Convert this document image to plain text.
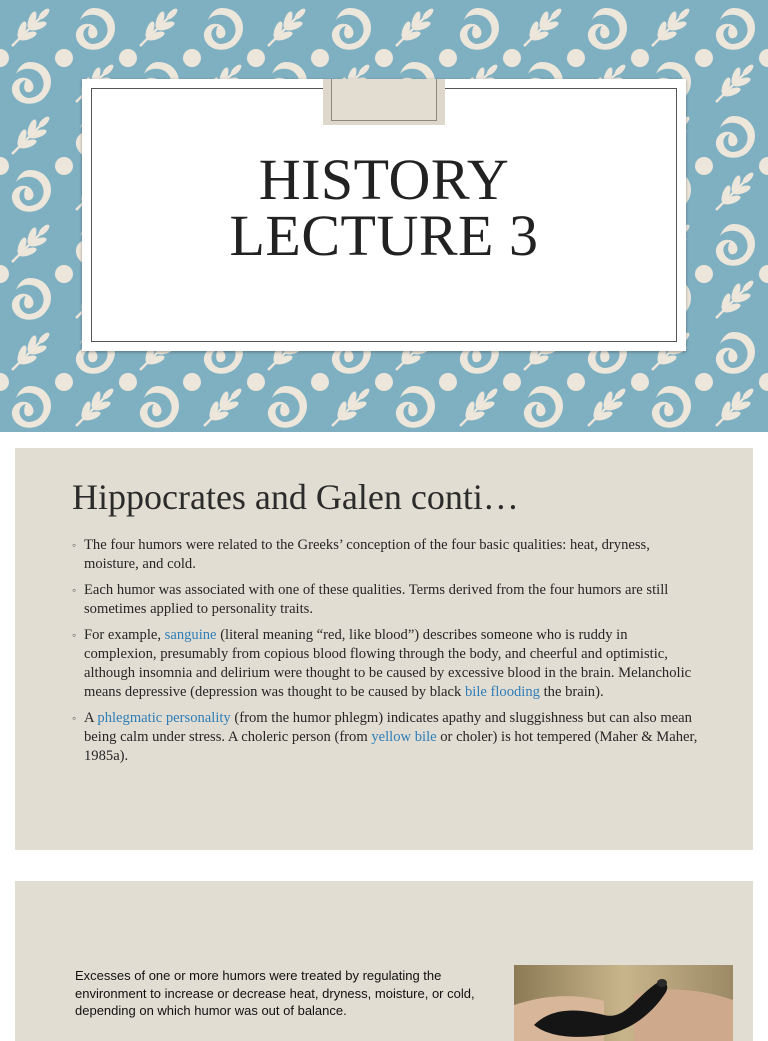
HISTORY
LECTURE 3
Hippocrates and Galen conti…
◦ The four humors were related to the Greeks’ conception of the four basic qualities: heat, dryness, moisture, and cold.
◦ Each humor was associated with one of these qualities. Terms derived from the four humors are still sometimes applied to personality traits.
◦ For example, sanguine (literal meaning “red, like blood”) describes someone who is ruddy in complexion, presumably from copious blood flowing through the body, and cheerful and optimistic, although insomnia and delirium were thought to be caused by excessive blood in the brain. Melancholic means depressive (depression was thought to be caused by black bile flooding the brain).
◦ A phlegmatic personality (from the humor phlegm) indicates apathy and sluggishness but can also mean being calm under stress. A choleric person (from yellow bile or choler) is hot tempered (Maher & Maher, 1985a).
Excesses of one or more humors were treated by regulating the environment to increase or decrease heat, dryness, moisture, or cold, depending on which humor was out of balance.
